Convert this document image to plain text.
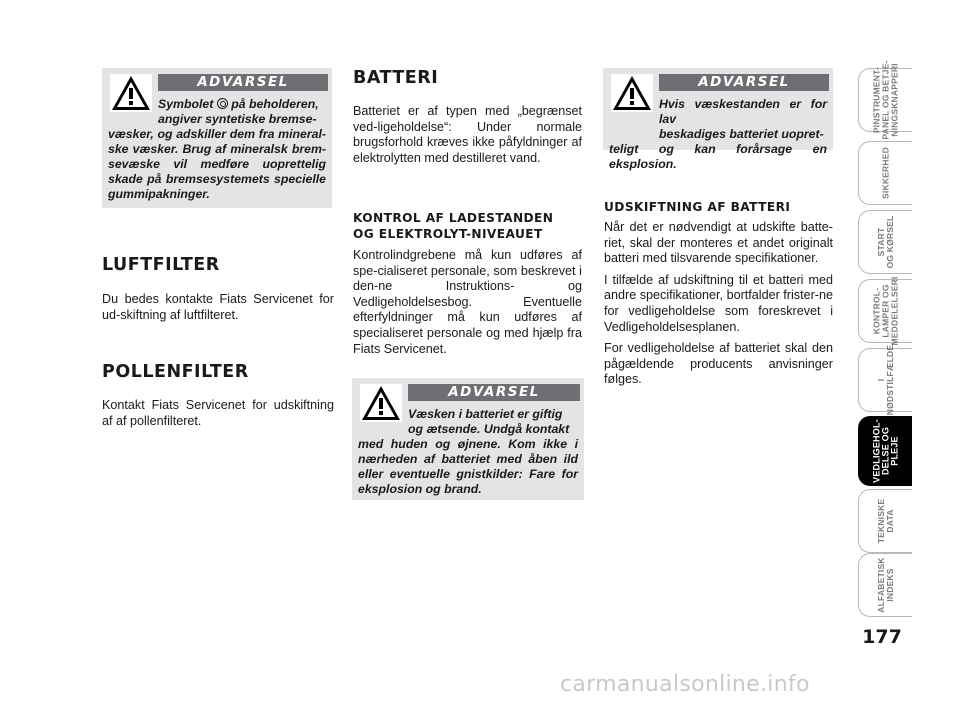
ADVARSEL
Symbolet på beholderen,
angiver syntetiske bremse-
væsker, og adskiller dem fra mineral-ske væsker. Brug af mineralsk brem-sevæske vil medføre uoprettelig skade på bremsesystemets specielle gummipakninger.
LUFTFILTER
Du bedes kontakte Fiats Servicenet for ud-skiftning af luftfilteret.
POLLENFILTER
Kontakt Fiats Servicenet for udskiftning af af pollenfilteret.
BATTERI
Batteriet er af typen med „begrænset ved-ligeholdelse“: Under normale brugsforhold kræves ikke påfyldninger af elektrolytten med destilleret vand.
KONTROL AF LADESTANDEN
OG ELEKTROLYT-NIVEAUET
Kontrolindgrebene må kun udføres af spe-cialiseret personale, som beskrevet i den-ne Instruktions- og Vedligeholdelsesbog. Eventuelle efterfyldninger må kun udføres af specialiseret personale og med hjælp fra Fiats Servicenet.
ADVARSEL
Væsken i batteriet er giftig
og ætsende. Undgå kontakt
med huden og øjnene. Kom ikke i nærheden af batteriet med åben ild eller eventuelle gnistkilder: Fare for eksplosion og brand.
ADVARSEL
Hvis væskestanden er for lav
beskadiges batteriet uopret-
teligt og kan forårsage en eksplosion.
UDSKIFTNING AF BATTERI

Når det er nødvendigt at udskifte batte-riet, skal der monteres et andet originalt batteri med tilsvarende specifikationer.

I tilfælde af udskiftning til et batteri med andre specifikationer, bortfalder frister-ne for vedligeholdelse som foreskrevet i Vedligeholdelsesplanen.

For vedligeholdelse af batteriet skal den pågældende producents anvisninger følges.

PINSTRUMENT-
PANEL OG BETJE-
NINGSKNAPPERI
SIKKERHED
START
OG KØRSEL
KONTROL-
LAMPER OG
MEDDELELSERI
I
NØDSTILFÆLDE
VEDLIGEHOL-
DELSE OG
PLEJE
TEKNISKE
DATA
ALFABETISK
INDEKS
177
carmanualsonline.info
